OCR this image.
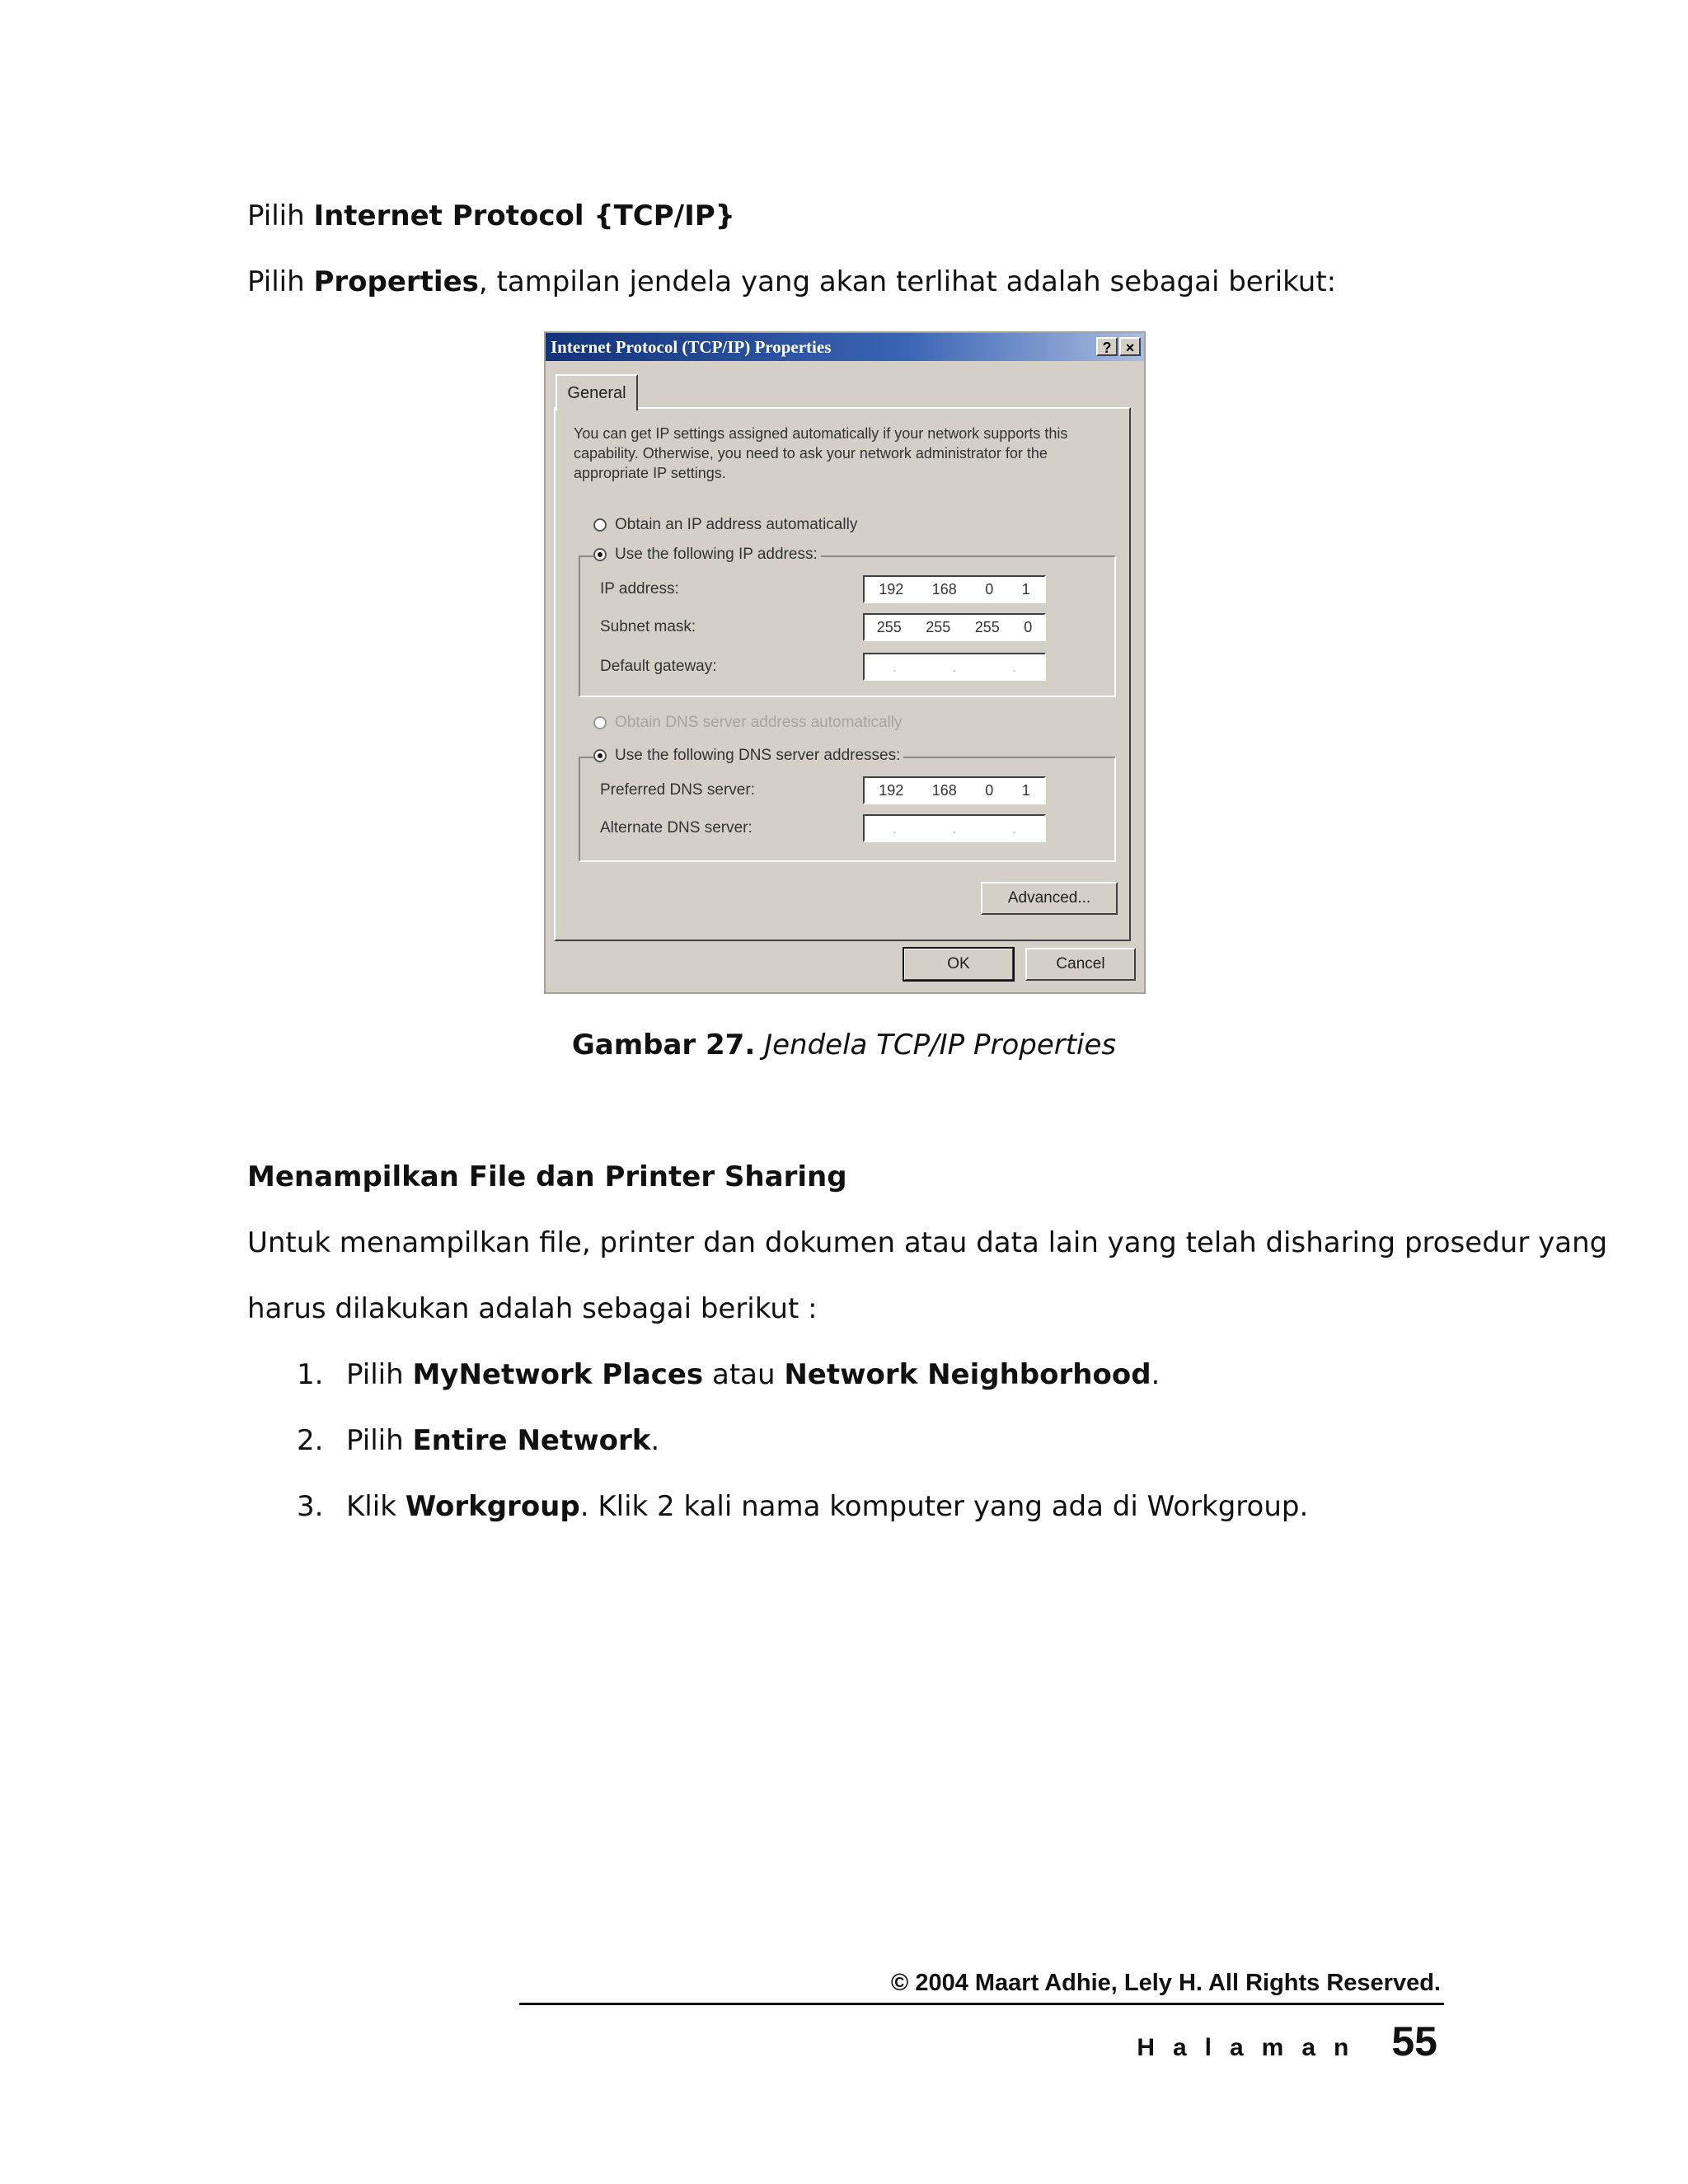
Pilih Internet Protocol {TCP/IP}
Pilih Properties, tampilan jendela yang akan terlihat adalah sebagai berikut:
Internet Protocol (TCP/IP) Properties	? ×
General
You can get IP settings assigned automatically if your network supports this capability. Otherwise, you need to ask your network administrator for the appropriate IP settings.
Obtain an IP address automatically
Use the following IP address:
IP address:	192 168 0 1
Subnet mask:	255 255 255 0
Default gateway:	.	.	.
Obtain DNS server address automatically
Use the following DNS server addresses:
Preferred DNS server:	192 168 0 1
Alternate DNS server:	.	.	.
Advanced...
OK	Cancel
Gambar 27. Jendela TCP/IP Properties
Menampilkan File dan Printer Sharing
Untuk menampilkan file, printer dan dokumen atau data lain yang telah disharing prosedur yang
harus dilakukan adalah sebagai berikut :
1. Pilih MyNetwork Places atau Network Neighborhood.
2. Pilih Entire Network.
3. Klik Workgroup. Klik 2 kali nama komputer yang ada di Workgroup.
© 2004 Maart Adhie, Lely H. All Rights Reserved.
Halaman 55
